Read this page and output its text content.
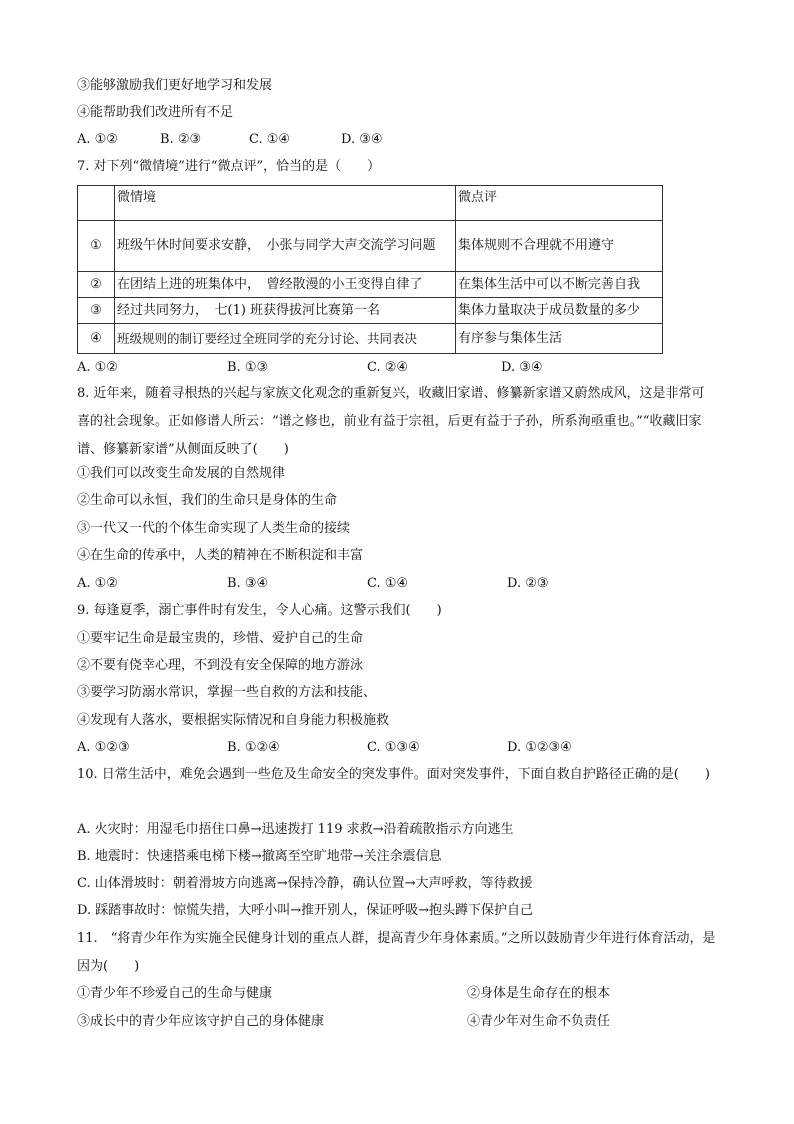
③能够激励我们更好地学习和发展
④能帮助我们改进所有不足
A. ①②	B. ②③	C. ①④	D. ③④
7. 对下列“微情境”进行“微点评”，恰当的是（　　）
	微情境	微点评
①	班级午休时间要求安静，　小张与同学大声交流学习问题	集体规则不合理就不用遵守
②	在团结上进的班集体中，　曾经散漫的小王变得自律了	在集体生活中可以不断完善自我
③	经过共同努力，　七(1) 班获得拔河比赛第一名	集体力量取决于成员数量的多少
④	班级规则的制订要经过全班同学的充分讨论、共同表决	有序参与集体生活
A. ①②	B. ①③	C. ②④	D. ③④
8. 近年来，随着寻根热的兴起与家族文化观念的重新复兴，收藏旧家谱、修纂新家谱又蔚然成风，这是非常可喜的社会现象。正如修谱人所云：“谱之修也，前业有益于宗祖，后更有益于子孙，所系洵亟重也。”“收藏旧家谱、修纂新家谱”从侧面反映了(　　)
①我们可以改变生命发展的自然规律
②生命可以永恒，我们的生命只是身体的生命
③一代又一代的个体生命实现了人类生命的接续
④在生命的传承中，人类的精神在不断积淀和丰富
A. ①②	B. ③④	C. ①④	D. ②③
9. 每逢夏季，溺亡事件时有发生，令人心痛。这警示我们(　　)
①要牢记生命是最宝贵的，珍惜、爱护自己的生命
②不要有侥幸心理，不到没有安全保障的地方游泳
③要学习防溺水常识，掌握一些自救的方法和技能、
④发现有人落水，要根据实际情况和自身能力积极施救
A. ①②③	B. ①②④	C. ①③④	D. ①②③④
10. 日常生活中，难免会遇到一些危及生命安全的突发事件。面对突发事件，下面自救自护路径正确的是(　　)
A. 火灾时：用湿毛巾捂住口鼻→迅速拨打 119 求救→沿着疏散指示方向逃生
B. 地震时：快速搭乘电梯下楼→撤离至空旷地带→关注余震信息
C. 山体滑坡时：朝着滑坡方向逃离→保持冷静，确认位置→大声呼救，等待救援
D. 踩踏事故时：惊慌失措，大呼小叫→推开别人，保证呼吸→抱头蹲下保护自己
11.　“将青少年作为实施全民健身计划的重点人群，提高青少年身体素质。”之所以鼓励青少年进行体育活动，是因为(　　)
①青少年不珍爱自己的生命与健康	②身体是生命存在的根本
③成长中的青少年应该守护自己的身体健康	④青少年对生命不负责任
